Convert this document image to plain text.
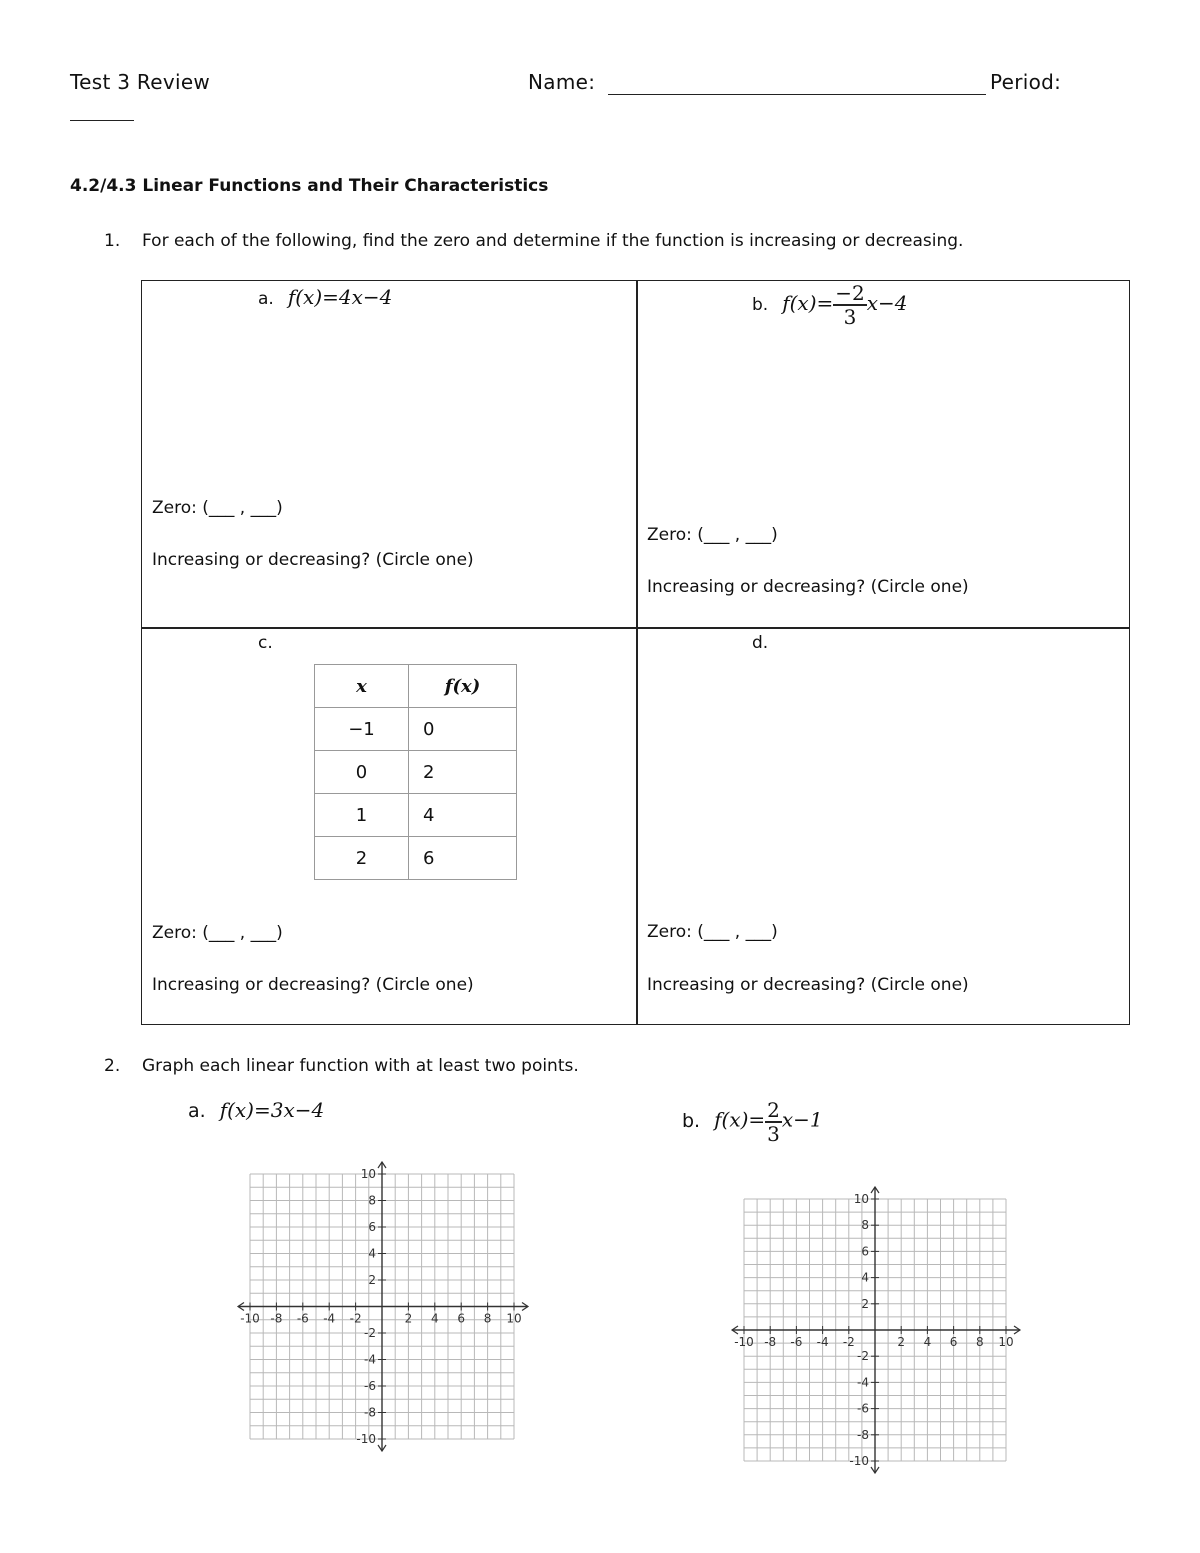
Test 3 Review	Name:	Period:
4.2/4.3 Linear Functions and Their Characteristics
1. For each of the following, find the zero and determine if the function is increasing or decreasing.
a. f(x)=4x−4
Zero: (___ , ___)
Increasing or decreasing? (Circle one)
b. $f(x)= \frac{-2}{3} x-4$
Zero: (___ , ___)
Increasing or decreasing? (Circle one)
c.
x	f(x)
−1	0
0	2
1	4
2	6
Zero: (___ , ___)
Increasing or decreasing? (Circle one)
d.
Zero: (___ , ___)
Increasing or decreasing? (Circle one)
2. Graph each linear function with at least two points.
a. f(x)=3x−4	b. $f(x)= \frac{2}{3} x-1$
-10 -8 -6 -4 -2	2 4 6 8 10
10
8
6
4
2
-2
-4
-6
-8
-10
-10 -8 -6 -4 -2	2 4 6 8 10
10
8
6
4
2
-2
-4
-6
-8
-10
